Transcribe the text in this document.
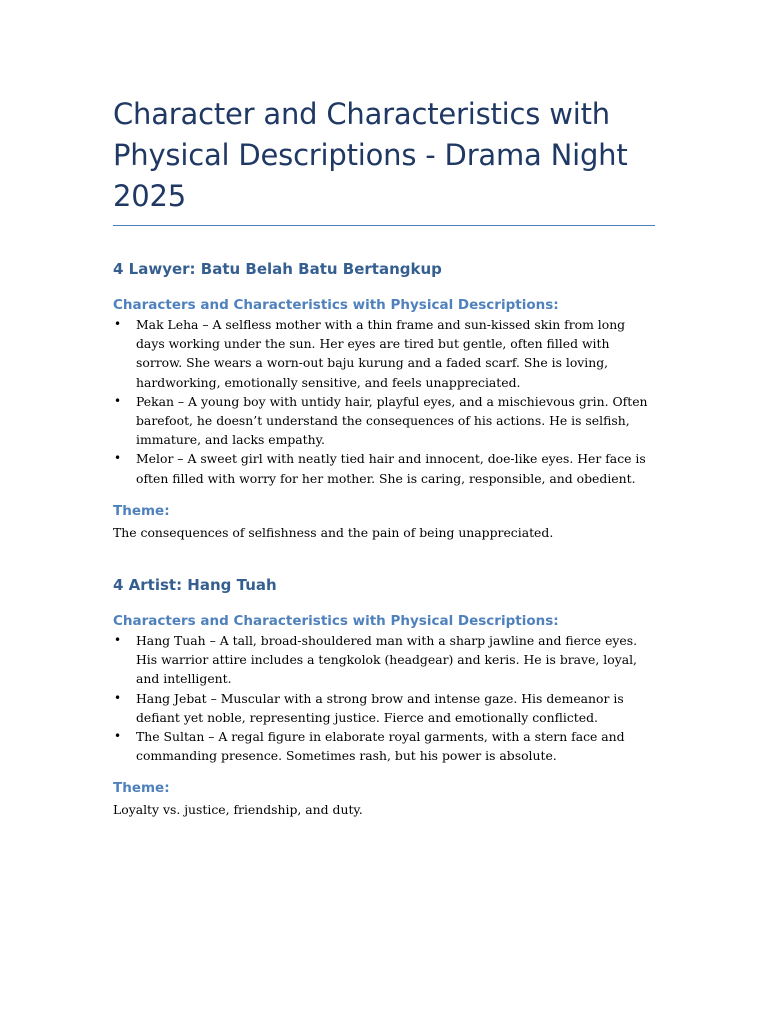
Character and Characteristics with Physical Descriptions - Drama Night 2025
4 Lawyer: Batu Belah Batu Bertangkup
Characters and Characteristics with Physical Descriptions:
• Mak Leha – A selfless mother with a thin frame and sun-kissed skin from long days working under the sun. Her eyes are tired but gentle, often filled with sorrow. She wears a worn-out baju kurung and a faded scarf. She is loving, hardworking, emotionally sensitive, and feels unappreciated.
• Pekan – A young boy with untidy hair, playful eyes, and a mischievous grin. Often barefoot, he doesn’t understand the consequences of his actions. He is selfish, immature, and lacks empathy.
• Melor – A sweet girl with neatly tied hair and innocent, doe-like eyes. Her face is often filled with worry for her mother. She is caring, responsible, and obedient.
Theme:

The consequences of selfishness and the pain of being unappreciated.

4 Artist: Hang Tuah
Characters and Characteristics with Physical Descriptions:
• Hang Tuah – A tall, broad-shouldered man with a sharp jawline and fierce eyes. His warrior attire includes a tengkolok (headgear) and keris. He is brave, loyal, and intelligent.
• Hang Jebat – Muscular with a strong brow and intense gaze. His demeanor is defiant yet noble, representing justice. Fierce and emotionally conflicted.
• The Sultan – A regal figure in elaborate royal garments, with a stern face and commanding presence. Sometimes rash, but his power is absolute.
Theme:

Loyalty vs. justice, friendship, and duty.
